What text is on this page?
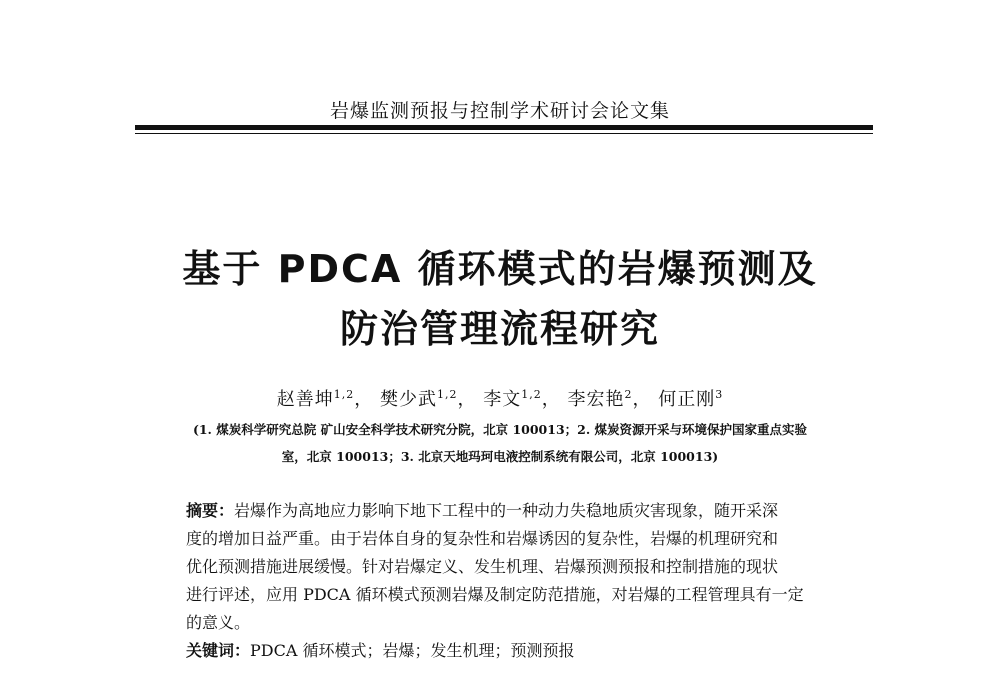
岩爆监测预报与控制学术研讨会论文集
基于 PDCA 循环模式的岩爆预测及
防治管理流程研究
赵善坤$^{1,2}$， 樊少武$^{1,2}$， 李文$^{1,2}$， 李宏艳$^2$， 何正刚$^3$
(1. 煤炭科学研究总院 矿山安全科学技术研究分院，北京 100013；2. 煤炭资源开采与环境保护国家重点实验
室，北京 100013；3. 北京天地玛珂电液控制系统有限公司，北京 100013)
摘要：岩爆作为高地应力影响下地下工程中的一种动力失稳地质灾害现象，随开采深
度的增加日益严重。由于岩体自身的复杂性和岩爆诱因的复杂性，岩爆的机理研究和
优化预测措施进展缓慢。针对岩爆定义、发生机理、岩爆预测预报和控制措施的现状
进行评述，应用 PDCA 循环模式预测岩爆及制定防范措施，对岩爆的工程管理具有一定
的意义。
关键词：PDCA 循环模式；岩爆；发生机理；预测预报
